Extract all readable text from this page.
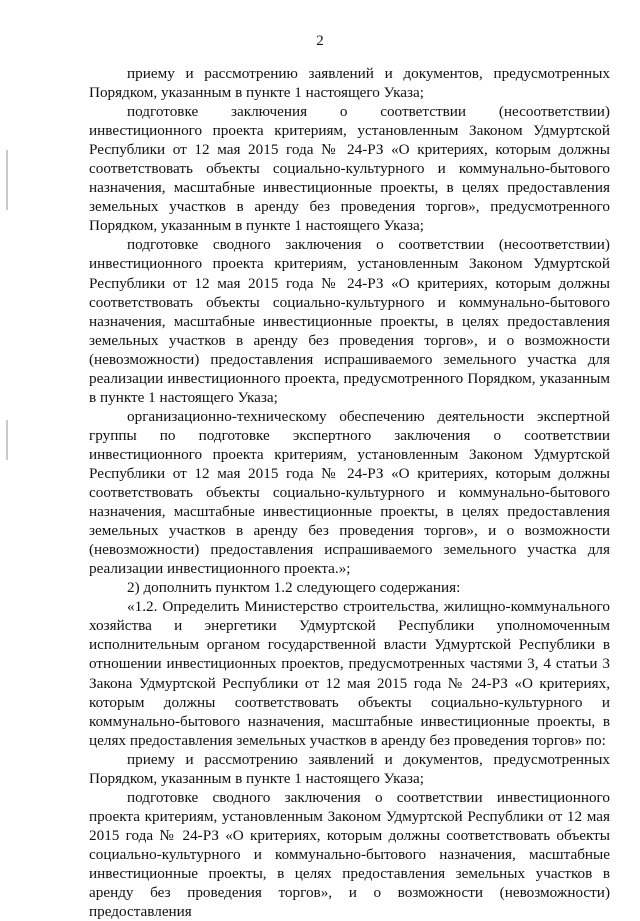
2

приему и рассмотрению заявлений и документов, предусмотренных Порядком, указанным в пункте 1 настоящего Указа;

подготовке заключения о соответствии (несоответствии) инвестиционного проекта критериям, установленным Законом Удмуртской Республики от 12 мая 2015 года № 24-РЗ «О критериях, которым должны соответствовать объекты социально-культурного и коммунально-бытового назначения, масштабные инвестиционные проекты, в целях предоставления земельных участков в аренду без проведения торгов», предусмотренного Порядком, указанным в пункте 1 настоящего Указа;

подготовке сводного заключения о соответствии (несоответствии) инвестиционного проекта критериям, установленным Законом Удмуртской Республики от 12 мая 2015 года № 24-РЗ «О критериях, которым должны соответствовать объекты социально-культурного и коммунально-бытового назначения, масштабные инвестиционные проекты, в целях предоставления земельных участков в аренду без проведения торгов», и о возможности (невозможности) предоставления испрашиваемого земельного участка для реализации инвестиционного проекта, предусмотренного Порядком, указанным в пункте 1 настоящего Указа;

организационно-техническому обеспечению деятельности экспертной группы по подготовке экспертного заключения о соответствии инвестиционного проекта критериям, установленным Законом Удмуртской Республики от 12 мая 2015 года № 24-РЗ «О критериях, которым должны соответствовать объекты социально-культурного и коммунально-бытового назначения, масштабные инвестиционные проекты, в целях предоставления земельных участков в аренду без проведения торгов», и о возможности (невозможности) предоставления испрашиваемого земельного участка для реализации инвестиционного проекта.»;

2) дополнить пунктом 1.2 следующего содержания:

«1.2. Определить Министерство строительства, жилищно-коммунального хозяйства и энергетики Удмуртской Республики уполномоченным исполнительным органом государственной власти Удмуртской Республики в отношении инвестиционных проектов, предусмотренных частями 3, 4 статьи 3 Закона Удмуртской Республики от 12 мая 2015 года № 24-РЗ «О критериях, которым должны соответствовать объекты социально-культурного и коммунально-бытового назначения, масштабные инвестиционные проекты, в целях предоставления земельных участков в аренду без проведения торгов» по:

приему и рассмотрению заявлений и документов, предусмотренных Порядком, указанным в пункте 1 настоящего Указа;

подготовке сводного заключения о соответствии инвестиционного проекта критериям, установленным Законом Удмуртской Республики от 12 мая 2015 года № 24-РЗ «О критериях, которым должны соответствовать объекты социально-культурного и коммунально-бытового назначения, масштабные инвестиционные проекты, в целях предоставления земельных участков в аренду без проведения торгов», и о возможности (невозможности) предоставления
